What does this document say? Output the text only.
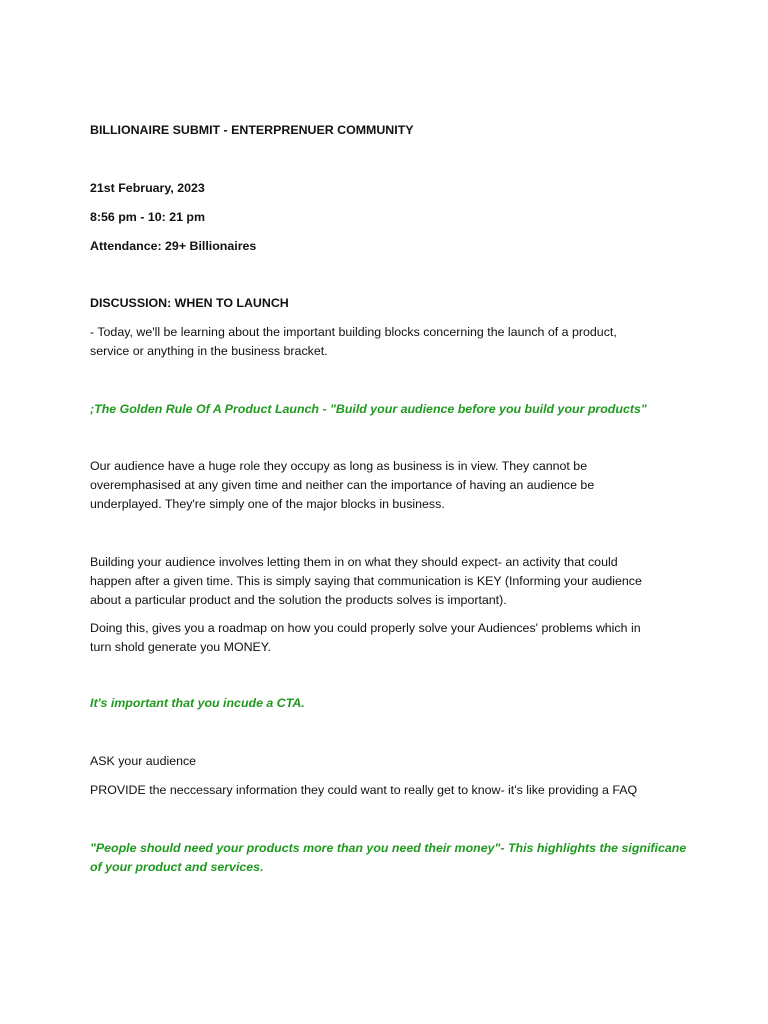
BILLIONAIRE SUBMIT - ENTERPRENUER COMMUNITY

21st February, 2023

8:56 pm - 10: 21 pm

Attendance: 29+ Billionaires

DISCUSSION: WHEN TO LAUNCH

- Today, we'll be learning about the important building blocks concerning the launch of a product,

service or anything in the business bracket.

;The Golden Rule Of A Product Launch - "Build your audience before you build your products"

Our audience have a huge role they occupy as long as business is in view. They cannot be

overemphasised at any given time and neither can the importance of having an audience be

underplayed. They're simply one of the major blocks in business.

Building your audience involves letting them in on what they should expect- an activity that could

happen after a given time. This is simply saying that communication is KEY (Informing your audience

about a particular product and the solution the products solves is important).

Doing this, gives you a roadmap on how you could properly solve your Audiences' problems which in

turn shold generate you MONEY.

It's important that you incude a CTA.

ASK your audience

PROVIDE the neccessary information they could want to really get to know- it's like providing a FAQ

"People should need your products more than you need their money"- This highlights the significane

of your product and services.
